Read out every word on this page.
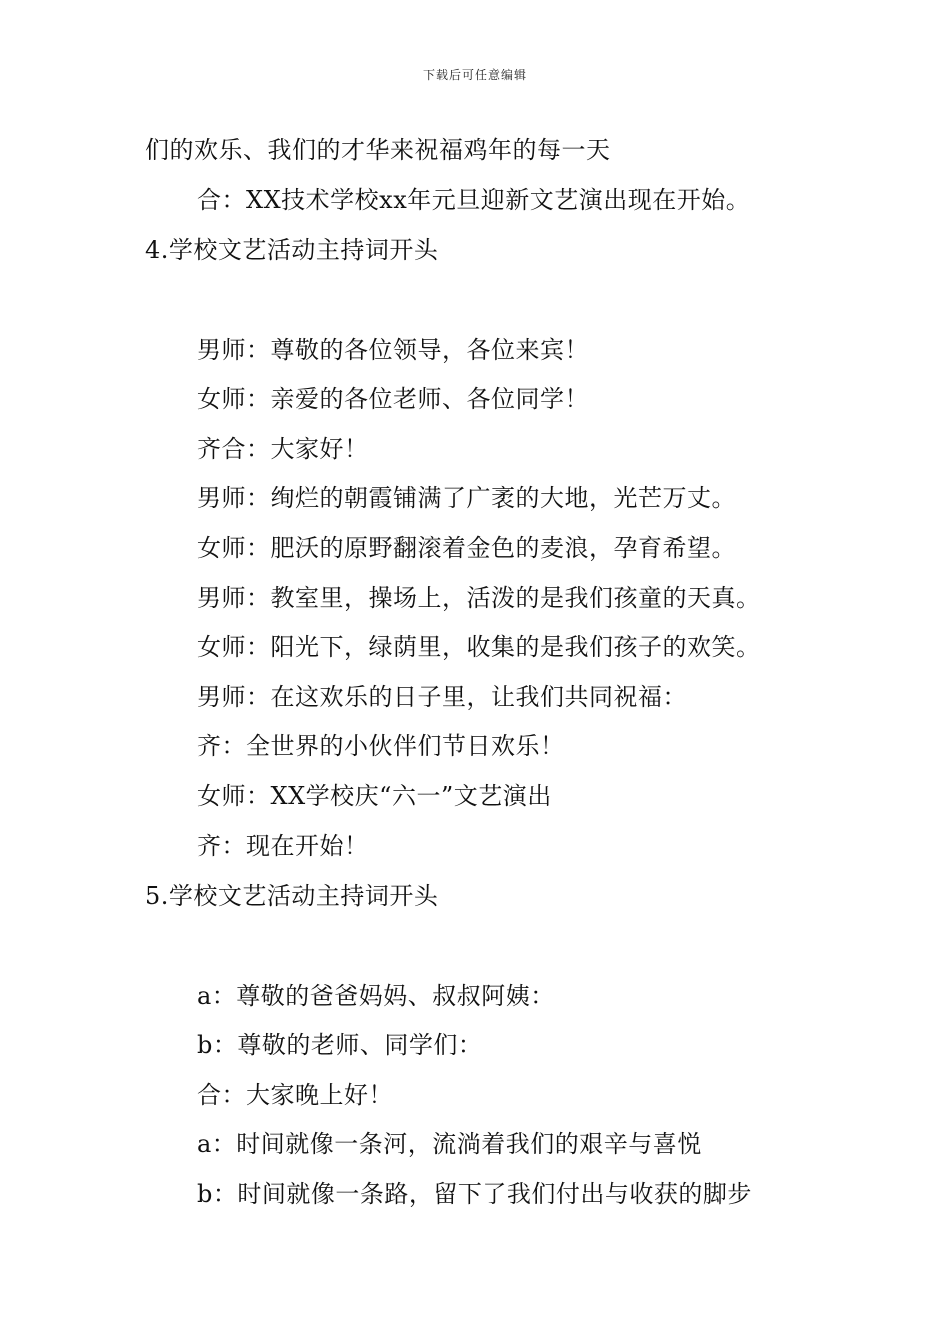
下载后可任意编辑
们的欢乐、我们的才华来祝福鸡年的每一天
合：XX技术学校xx年元旦迎新文艺演出现在开始。
4.学校文艺活动主持词开头
男师：尊敬的各位领导，各位来宾！
女师：亲爱的各位老师、各位同学！
齐合：大家好！
男师：绚烂的朝霞铺满了广袤的大地，光芒万丈。
女师：肥沃的原野翻滚着金色的麦浪，孕育希望。
男师：教室里，操场上，活泼的是我们孩童的天真。
女师：阳光下，绿荫里，收集的是我们孩子的欢笑。
男师：在这欢乐的日子里，让我们共同祝福：
齐：全世界的小伙伴们节日欢乐！
女师：XX学校庆“六一”文艺演出
齐：现在开始！
5.学校文艺活动主持词开头
a：尊敬的爸爸妈妈、叔叔阿姨：
b：尊敬的老师、同学们：
合：大家晚上好！
a：时间就像一条河，流淌着我们的艰辛与喜悦
b：时间就像一条路，留下了我们付出与收获的脚步
